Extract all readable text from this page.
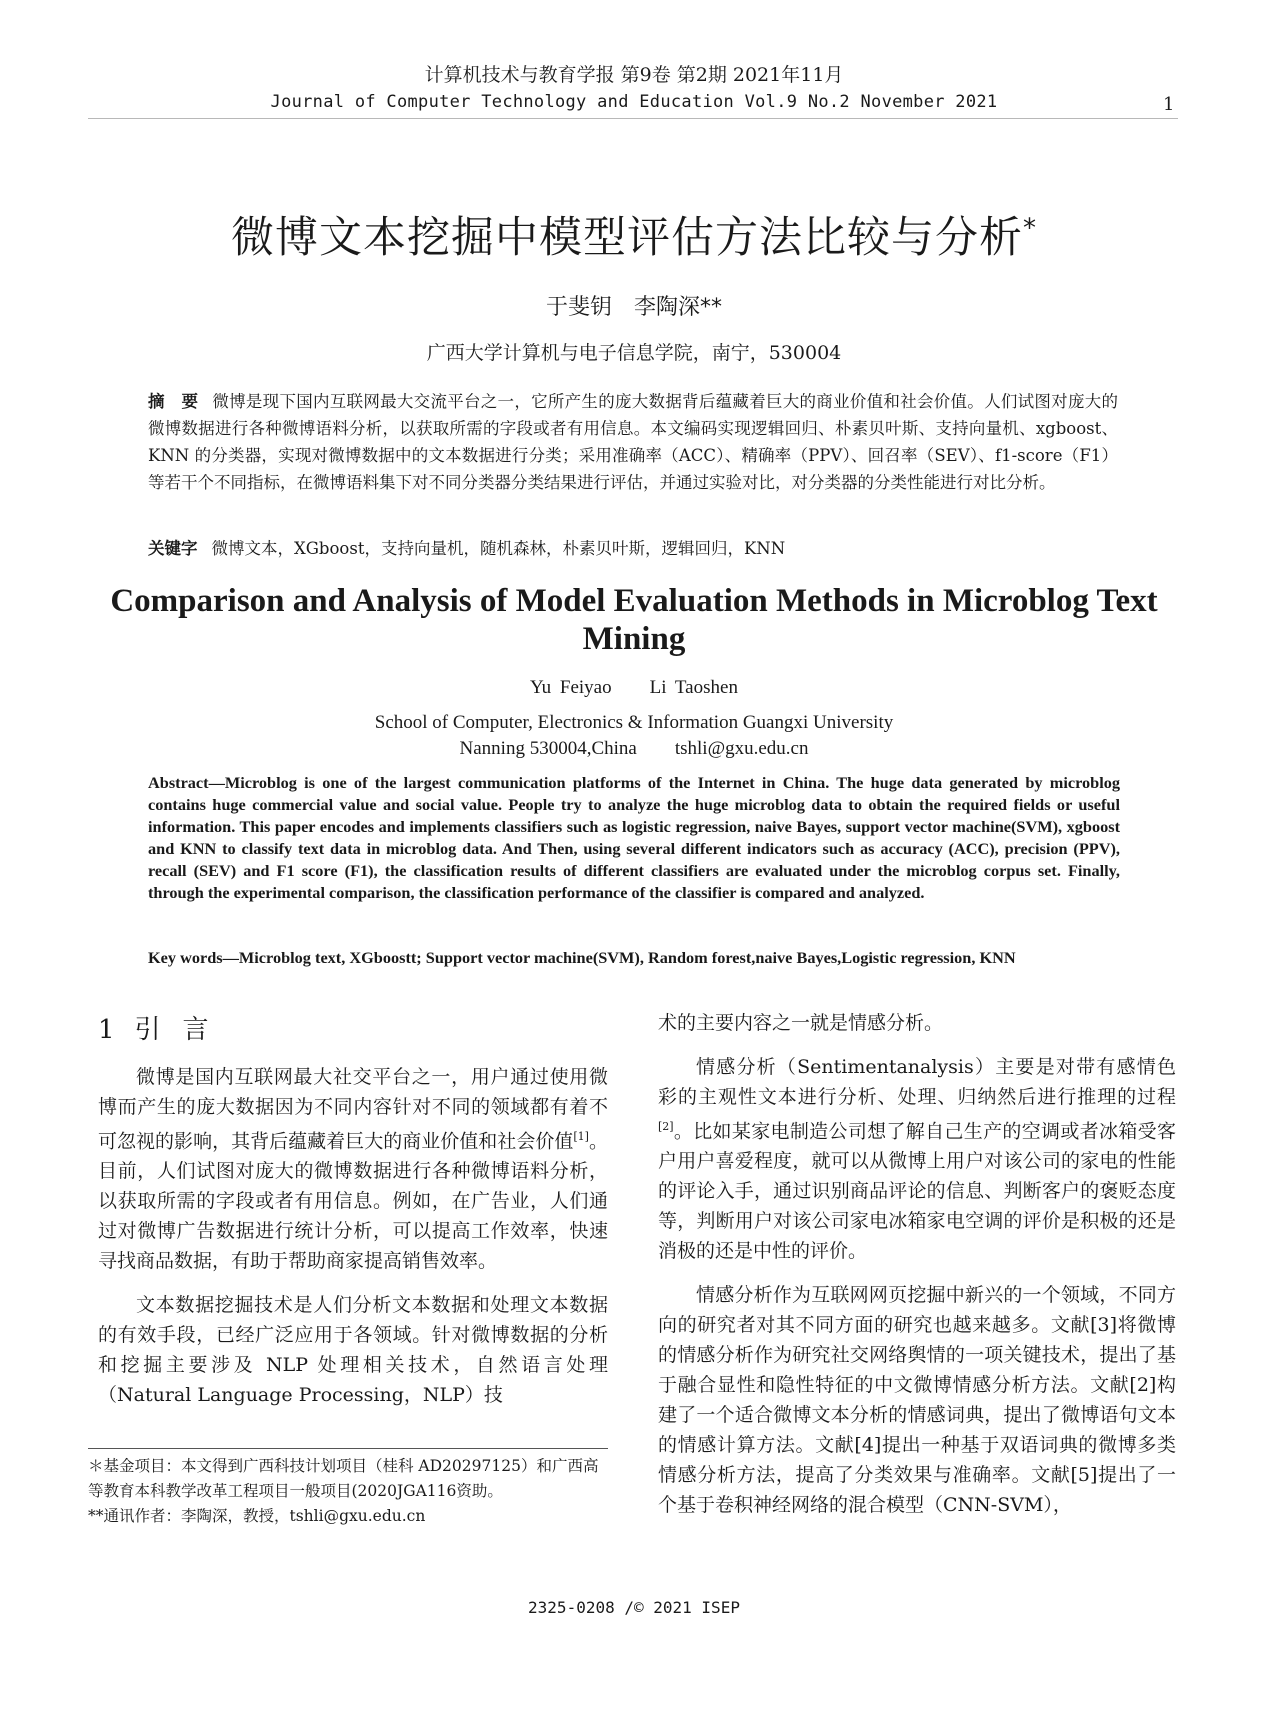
计算机技术与教育学报 第9卷 第2期 2021年11月
Journal of Computer Technology and Education Vol.9 No.2 November 2021	1
微博文本挖掘中模型评估方法比较与分析*
于斐钥　李陶深**
广西大学计算机与电子信息学院，南宁，530004
摘　要 微博是现下国内互联网最大交流平台之一，它所产生的庞大数据背后蕴藏着巨大的商业价值和社会价值。人们试图对庞大的微博数据进行各种微博语料分析，以获取所需的字段或者有用信息。本文编码实现逻辑回归、朴素贝叶斯、支持向量机、xgboost、KNN 的分类器，实现对微博数据中的文本数据进行分类；采用准确率（ACC）、精确率（PPV）、回召率（SEV）、f1-score（F1）等若干个不同指标，在微博语料集下对不同分类器分类结果进行评估，并通过实验对比，对分类器的分类性能进行对比分析。
关键字 微博文本，XGboost，支持向量机，随机森林，朴素贝叶斯，逻辑回归，KNN
Comparison and Analysis of Model Evaluation Methods in Microblog Text Mining
Yu Feiyao　　Li Taoshen
School of Computer, Electronics & Information Guangxi University
Nanning 530004,China　　tshli@gxu.edu.cn
Abstract—Microblog is one of the largest communication platforms of the Internet in China. The huge data generated by microblog contains huge commercial value and social value. People try to analyze the huge microblog data to obtain the required fields or useful information. This paper encodes and implements classifiers such as logistic regression, naive Bayes, support vector machine(SVM), xgboost and KNN to classify text data in microblog data. And Then, using several different indicators such as accuracy (ACC), precision (PPV), recall (SEV) and F1 score (F1), the classification results of different classifiers are evaluated under the microblog corpus set. Finally, through the experimental comparison, the classification performance of the classifier is compared and analyzed.
Key words—Microblog text, XGboostt; Support vector machine(SVM), Random forest,naive Bayes,Logistic regression, KNN
1 引言

微博是国内互联网最大社交平台之一，用户通过使用微博而产生的庞大数据因为不同内容针对不同的领域都有着不可忽视的影响，其背后蕴藏着巨大的商业价值和社会价值[1]。目前，人们试图对庞大的微博数据进行各种微博语料分析，以获取所需的字段或者有用信息。例如，在广告业，人们通过对微博广告数据进行统计分析，可以提高工作效率，快速寻找商品数据，有助于帮助商家提高销售效率。

文本数据挖掘技术是人们分析文本数据和处理文本数据的有效手段，已经广泛应用于各领域。针对微博数据的分析和挖掘主要涉及 NLP 处理相关技术，自然语言处理（Natural Language Processing，NLP）技

术的主要内容之一就是情感分析。

情感分析（Sentimentanalysis）主要是对带有感情色彩的主观性文本进行分析、处理、归纳然后进行推理的过程[2]。比如某家电制造公司想了解自己生产的空调或者冰箱受客户用户喜爱程度，就可以从微博上用户对该公司的家电的性能的评论入手，通过识别商品评论的信息、判断客户的褒贬态度等，判断用户对该公司家电冰箱家电空调的评价是积极的还是消极的还是中性的评价。

情感分析作为互联网网页挖掘中新兴的一个领域，不同方向的研究者对其不同方面的研究也越来越多。文献[3]将微博的情感分析作为研究社交网络舆情的一项关键技术，提出了基于融合显性和隐性特征的中文微博情感分析方法。文献[2]构建了一个适合微博文本分析的情感词典，提出了微博语句文本的情感计算方法。文献[4]提出一种基于双语词典的微博多类情感分析方法，提高了分类效果与准确率。文献[5]提出了一个基于卷积神经网络的混合模型（CNN-SVM），

＊基金项目：本文得到广西科技计划项目（桂科 AD20297125）和广西高等教育本科教学改革工程项目一般项目(2020JGA116资助。
**通讯作者：李陶深，教授，tshli@gxu.edu.cn
2325-0208 /© 2021 ISEP
